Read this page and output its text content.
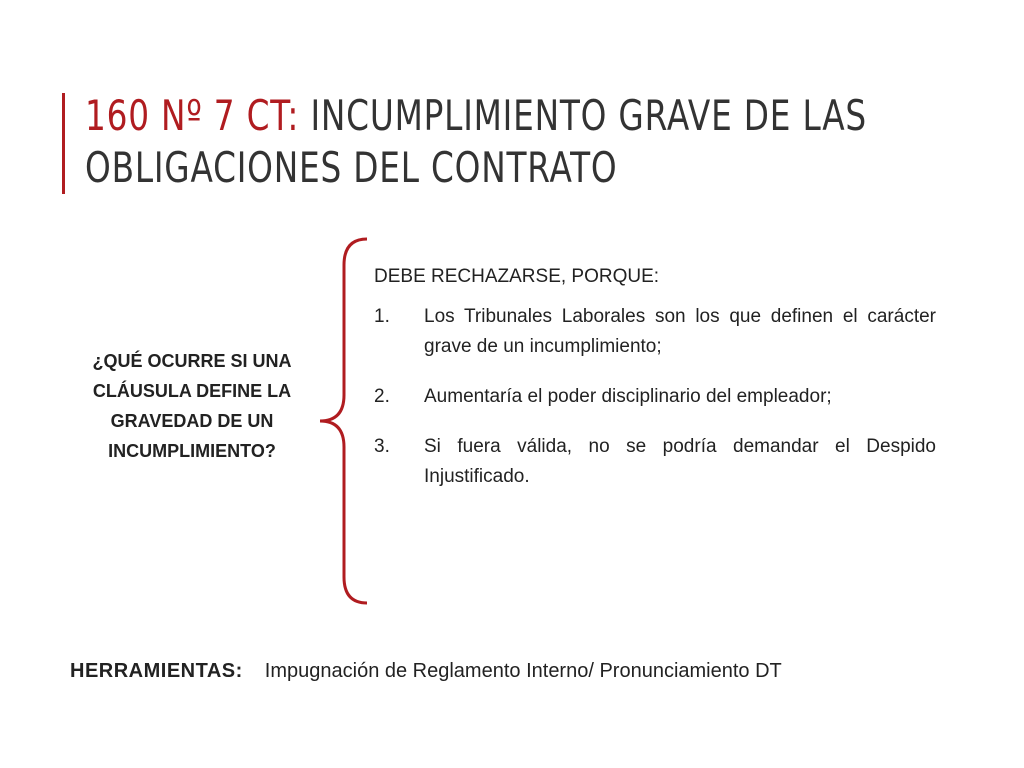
160 Nº 7 CT: INCUMPLIMIENTO GRAVE DE LAS
OBLIGACIONES DEL CONTRATO
¿QUÉ OCURRE SI UNA CLÁUSULA DEFINE LA GRAVEDAD DE UN INCUMPLIMIENTO?

DEBE RECHAZARSE, PORQUE:

1.	Los Tribunales Laborales son los que definen el carácter grave de un incumplimiento;
2.	Aumentaría el poder disciplinario del empleador;
3.	Si fuera válida, no se podría demandar el Despido Injustificado.
HERRAMIENTAS: Impugnación de Reglamento Interno/ Pronunciamiento DT
